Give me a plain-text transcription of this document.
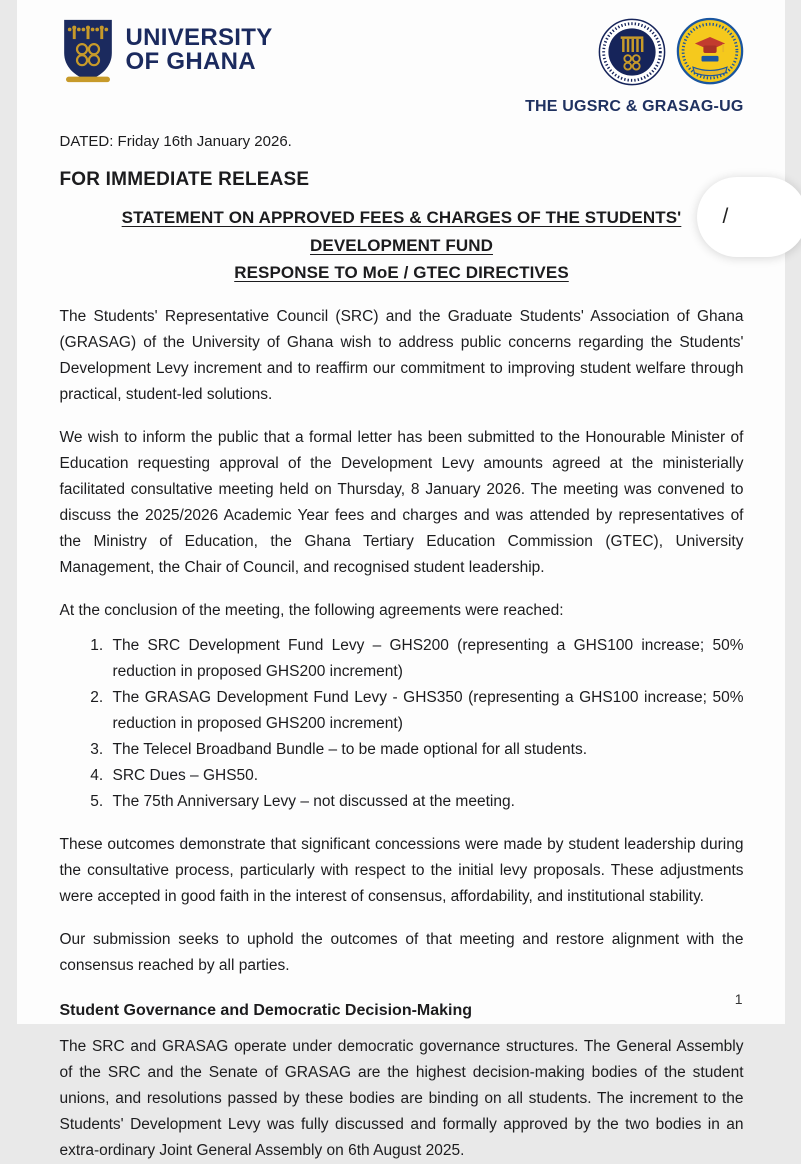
UNIVERSITY
OF GHANA
THE UGSRC & GRASAG-UG
DATED: Friday 16th January 2026.
FOR IMMEDIATE RELEASE
STATEMENT ON APPROVED FEES & CHARGES OF THE STUDENTS'
DEVELOPMENT FUND
RESPONSE TO MoE / GTEC DIRECTIVES

The Students' Representative Council (SRC) and the Graduate Students' Association of Ghana (GRASAG) of the University of Ghana wish to address public concerns regarding the Students' Development Levy increment and to reaffirm our commitment to improving student welfare through practical, student-led solutions.

We wish to inform the public that a formal letter has been submitted to the Honourable Minister of Education requesting approval of the Development Levy amounts agreed at the ministerially facilitated consultative meeting held on Thursday, 8 January 2026. The meeting was convened to discuss the 2025/2026 Academic Year fees and charges and was attended by representatives of the Ministry of Education, the Ghana Tertiary Education Commission (GTEC), University Management, the Chair of Council, and recognised student leadership.

At the conclusion of the meeting, the following agreements were reached:

1. The SRC Development Fund Levy – GHS200 (representing a GHS100 increase; 50% reduction in proposed GHS200 increment)
2. The GRASAG Development Fund Levy - GHS350 (representing a GHS100 increase; 50% reduction in proposed GHS200 increment)
3. The Telecel Broadband Bundle – to be made optional for all students.
4. SRC Dues – GHS50.
5. The 75th Anniversary Levy – not discussed at the meeting.

These outcomes demonstrate that significant concessions were made by student leadership during the consultative process, particularly with respect to the initial levy proposals. These adjustments were accepted in good faith in the interest of consensus, affordability, and institutional stability.

Our submission seeks to uphold the outcomes of that meeting and restore alignment with the consensus reached by all parties.

Student Governance and Democratic Decision-Making

The SRC and GRASAG operate under democratic governance structures. The General Assembly of the SRC and the Senate of GRASAG are the highest decision-making bodies of the student unions, and resolutions passed by these bodies are binding on all students. The increment to the Students' Development Levy was fully discussed and formally approved by the two bodies in an extra-ordinary Joint General Assembly on 6th August 2025.

/
1
